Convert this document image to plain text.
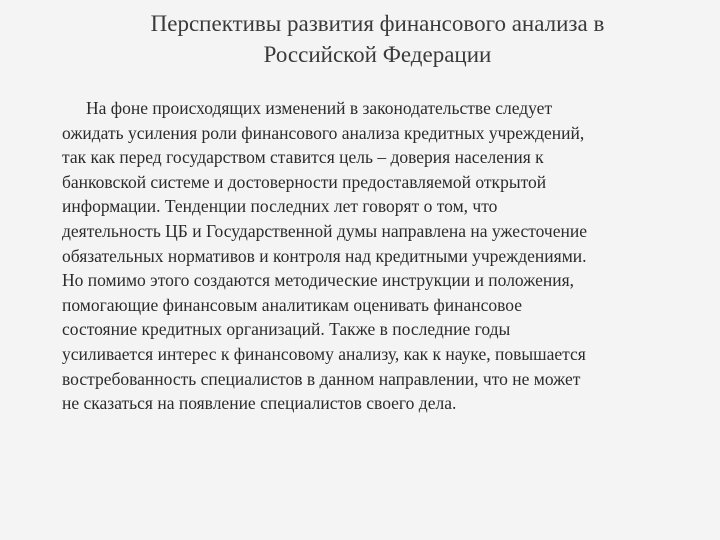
Перспективы развития финансового анализа в
Российской Федерации
На фоне происходящих изменений в законодательстве следует
ожидать усиления роли финансового анализа кредитных учреждений,
так как перед государством ставится цель – доверия населения к
банковской системе и достоверности предоставляемой открытой
информации. Тенденции последних лет говорят о том, что
деятельность ЦБ и Государственной думы направлена на ужесточение
обязательных нормативов и контроля над кредитными учреждениями.
Но помимо этого создаются методические инструкции и положения,
помогающие финансовым аналитикам оценивать финансовое
состояние кредитных организаций. Также в последние годы
усиливается интерес к финансовому анализу, как к науке, повышается
востребованность специалистов в данном направлении, что не может
не сказаться на появление специалистов своего дела.
